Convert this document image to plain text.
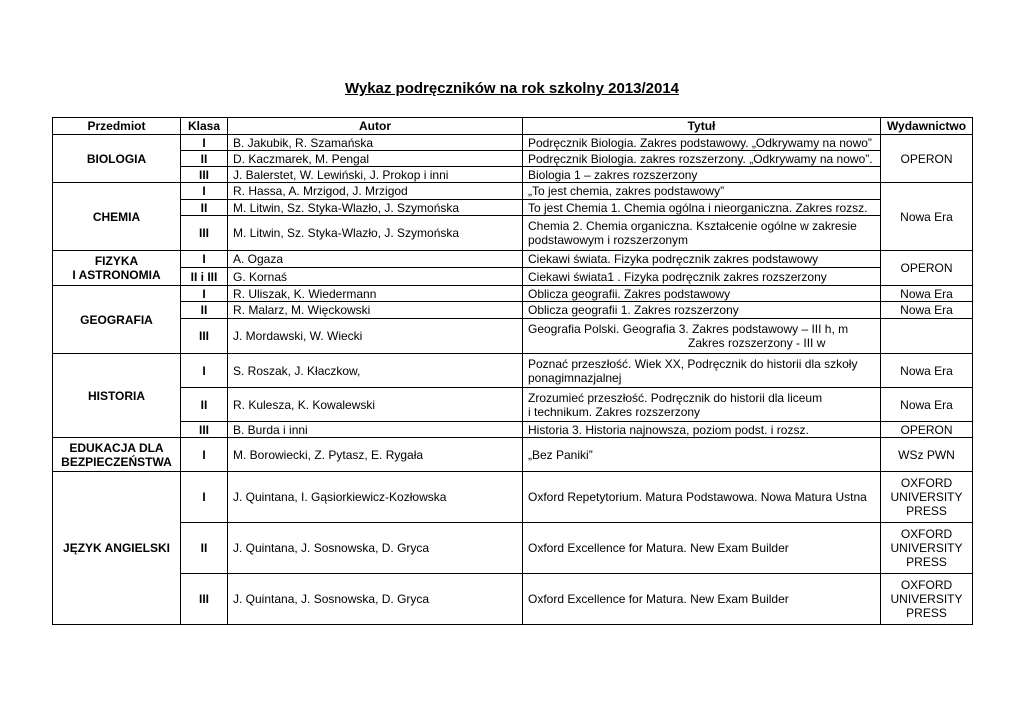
Wykaz podręczników na rok szkolny 2013/2014
Przedmiot	Klasa	Autor	Tytuł	Wydawnictwo

BIOLOGIA	I	B. Jakubik, R. Szamańska	Podręcznik Biologia. Zakres podstawowy. „Odkrywamy na nowo”	OPERON

	II	D. Kaczmarek, M. Pengal	Podręcznik Biologia. zakres rozszerzony. „Odkrywamy na nowo”.	

	III	J. Balerstet, W. Lewiński, J. Prokop i inni	Biologia 1 – zakres rozszerzony	

CHEMIA	I	R. Hassa, A. Mrzigod, J. Mrzigod	„To jest chemia, zakres podstawowy”	Nowa Era

	II	M. Litwin, Sz. Styka-Wlazło, J. Szymońska	To jest Chemia 1. Chemia ogólna i nieorganiczna. Zakres rozsz.	

	III	M. Litwin, Sz. Styka-Wlazło, J. Szymońska	Chemia 2. Chemia organiczna. Kształcenie ogólne w zakresie
podstawowym i rozszerzonym	

FIZYKA
I ASTRONOMIA	I	A. Ogaza	Ciekawi świata. Fizyka podręcznik zakres podstawowy	OPERON

	II i III	G. Kornaś	Ciekawi świata1 . Fizyka podręcznik zakres rozszerzony	

GEOGRAFIA	I	R. Uliszak, K. Wiedermann	Oblicza geografii. Zakres podstawowy	Nowa Era

	II	R. Malarz, M. Więckowski	Oblicza geografii 1. Zakres rozszerzony	Nowa Era

	III	J. Mordawski, W. Wiecki	Geografia Polski. Geografia 3. Zakres podstawowy – III h, m
Zakres rozszerzony - III w	

HISTORIA	I	S. Roszak, J. Kłaczkow,	Poznać przeszłość. Wiek XX, Podręcznik do historii dla szkoły
ponagimnazjalnej	Nowa Era

	II	R. Kulesza, K. Kowalewski	Zrozumieć przeszłość. Podręcznik do historii dla liceum
i technikum. Zakres rozszerzony	Nowa Era

	III	B. Burda i inni	Historia 3. Historia najnowsza, poziom podst. i rozsz.	OPERON

EDUKACJA DLA
BEZPIECZEŃSTWA	I	M. Borowiecki, Z. Pytasz, E. Rygała	„Bez Paniki”	WSz PWN

JĘZYK ANGIELSKI	I	J. Quintana, I. Gąsiorkiewicz-Kozłowska	Oxford Repetytorium. Matura Podstawowa. Nowa Matura Ustna	OXFORD
UNIVERSITY
PRESS

	II	J. Quintana, J. Sosnowska, D. Gryca	Oxford Excellence for Matura. New Exam Builder	OXFORD
UNIVERSITY
PRESS

	III	J. Quintana, J. Sosnowska, D. Gryca	Oxford Excellence for Matura. New Exam Builder	OXFORD
UNIVERSITY
PRESS
